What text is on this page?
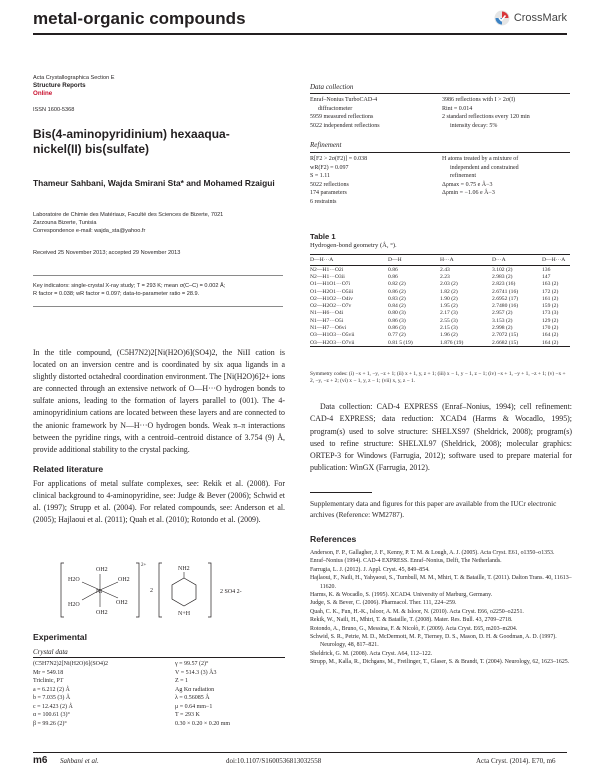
metal-organic compounds	CrossMark
Acta Crystallographica Section E
Structure Reports
Online
ISSN 1600-5368
Bis(4-aminopyridinium) hexaaqua-nickel(II) bis(sulfate)
Thameur Sahbani, Wajda Smirani Sta* and Mohamed Rzaigui
Laboratoire de Chimie des Matériaux, Faculté des Sciences de Bizerte, 7021
Zarzouna Bizerte, Tunisia
Correspondence e-mail: wajda_sta@yahoo.fr
Received 25 November 2013; accepted 29 November 2013
Key indicators: single-crystal X-ray study; T = 293 K; mean σ(C–C) = 0.002 Å;
R factor = 0.038; wR factor = 0.097; data-to-parameter ratio = 28.9.
In the title compound, (C5H7N2)2[Ni(H2O)6](SO4)2, the NiII cation is located on an inversion centre and is coordinated by six aqua ligands in a slightly distorted octahedral coordination environment. The [Ni(H2O)6]2+ ions are connected through an extensive network of O—H···O hydrogen bonds to sulfate anions, leading to the formation of layers parallel to (001). The 4-aminopyridinium cations are located between these layers and are connected to the anionic framework by N—H···O hydrogen bonds. Weak π–π interactions between the pyridine rings, with a centroid–centroid distance of 3.754 (9) Å, provide additional stability to the crystal packing.
Related literature
For applications of metal sulfate complexes, see: Rekik et al. (2008). For clinical background to 4-aminopyridine, see: Judge & Bever (2006); Schwid et al. (1997); Strupp et al. (2004). For related compounds, see: Anderson et al. (2005); Hajlaoui et al. (2011); Quah et al. (2010); Rotondo et al. (2009).
Ni
OH2
OH2
H2O	OH2
H2O	OH2
2+
2
NH2
N+H
2 SO4 2-
Experimental
Crystal data
(C5H7N2)2[Ni(H2O)6](SO4)2
Mr = 549.18
Triclinic, P1̄
a = 6.212 (2) Å
b = 7.035 (3) Å
c = 12.423 (2) Å
α = 100.61 (3)°
β = 99.26 (2)°
γ = 99.57 (2)°
V = 514.3 (3) Å3
Z = 1
Ag Kα radiation
λ = 0.56085 Å
μ = 0.64 mm−1
T = 293 K
0.30 × 0.20 × 0.20 mm
Data collection
Enraf–Nonius TurboCAD-4
diffractometer
5959 measured reflections
5022 independent reflections
3986 reflections with I > 2σ(I)
Rint = 0.014
2 standard reflections every 120 min
intensity decay: 5%
Refinement
R[F2 > 2σ(F2)] = 0.038
wR(F2) = 0.097
S = 1.11
5022 reflections
174 parameters
6 restraints
H atoms treated by a mixture of
independent and constrained
refinement
Δρmax = 0.75 e Å−3
Δρmin = −1.06 e Å−3
Table 1
Hydrogen-bond geometry (Å, °).
D—H···A	D—H	H···A	D···A	D—H···A
N2—H1···O2i	0.86	2.43	3.102 (2)	136
N2—H1···O3ii	0.86	2.23	2.983 (2)	147
O1—H1O1···O7i	0.82 (2)	2.03 (2)	2.823 (16)	163 (2)
O1—H2O1···O5iii	0.86 (2)	1.82 (2)	2.6741 (16)	172 (2)
O2—H1O2···O4iv	0.83 (2)	1.90 (2)	2.6952 (17)	161 (2)
O2—H2O2···O7v	0.84 (2)	1.95 (2)	2.7480 (16)	159 (2)
N1—H6···O4i	0.80 (3)	2.17 (3)	2.957 (2)	173 (3)
N1—H7···O5i	0.86 (3)	2.55 (3)	3.153 (2)	129 (2)
N1—H7···O6vi	0.86 (3)	2.15 (3)	2.998 (2)	170 (2)
O3—H1O3···O5vii	0.77 (2)	1.96 (2)	2.7072 (15)	164 (2)
O3—H2O3···O7vii	0.81 5 (19)	1.876 (19)	2.6682 (15)	164 (2)
Symmetry codes: (i) −x + 1, −y, −z + 1; (ii) x + 1, y, z + 1; (iii) x − 1, y − 1, z − 1; (iv) −x + 1, −y + 1, −z + 1; (v) −x + 2, −y, −z + 2; (vi) x − 1, y, z − 1; (vii) x, y, z − 1.
Data collection: CAD-4 EXPRESS (Enraf–Nonius, 1994); cell refinement: CAD-4 EXPRESS; data reduction: XCAD4 (Harms & Wocadlo, 1995); program(s) used to solve structure: SHELXS97 (Sheldrick, 2008); program(s) used to refine structure: SHELXL97 (Sheldrick, 2008); molecular graphics: ORTEP-3 for Windows (Farrugia, 2012); software used to prepare material for publication: WinGX (Farrugia, 2012).
Supplementary data and figures for this paper are available from the IUCr electronic archives (Reference: WM2787).
References
Anderson, F. P., Gallagher, J. F., Kenny, P. T. M. & Lough, A. J. (2005). Acta Cryst. E61, o1350–o1353.
Enraf–Nonius (1994). CAD-4 EXPRESS. Enraf–Nonius, Delft, The Netherlands.
Farrugia, L. J. (2012). J. Appl. Cryst. 45, 849–854.
Hajlaoui, F., Naili, H., Yahyaoui, S., Turnbull, M. M., Mhiri, T. & Bataille, T. (2011). Dalton Trans. 40, 11613–11620.
Harms, K. & Wocadlo, S. (1995). XCAD4. University of Marburg, Germany.
Judge, S. & Bever, C. (2006). Pharmacol. Ther. 111, 224–259.
Quah, C. K., Fun, H.-K., Isloor, A. M. & Isloor, N. (2010). Acta Cryst. E66, o2250–o2251.
Rekik, W., Naili, H., Mhiri, T. & Bataille, T. (2008). Mater. Res. Bull. 43, 2709–2718.
Rotondo, A., Bruno, G., Messina, F. & Nicolò, F. (2009). Acta Cryst. E65, m203–m204.
Schwid, S. R., Petrie, M. D., McDermott, M. P., Tierney, D. S., Mason, D. H. & Goodman, A. D. (1997). Neurology, 48, 817–821.
Sheldrick, G. M. (2008). Acta Cryst. A64, 112–122.
Strupp, M., Kalla, R., Dichgans, M., Freilinger, T., Glaser, S. & Brandt, T. (2004). Neurology, 62, 1623–1625.
m6 Sahbani et al.	doi:10.1107/S1600536813032558	Acta Cryst. (2014). E70, m6
